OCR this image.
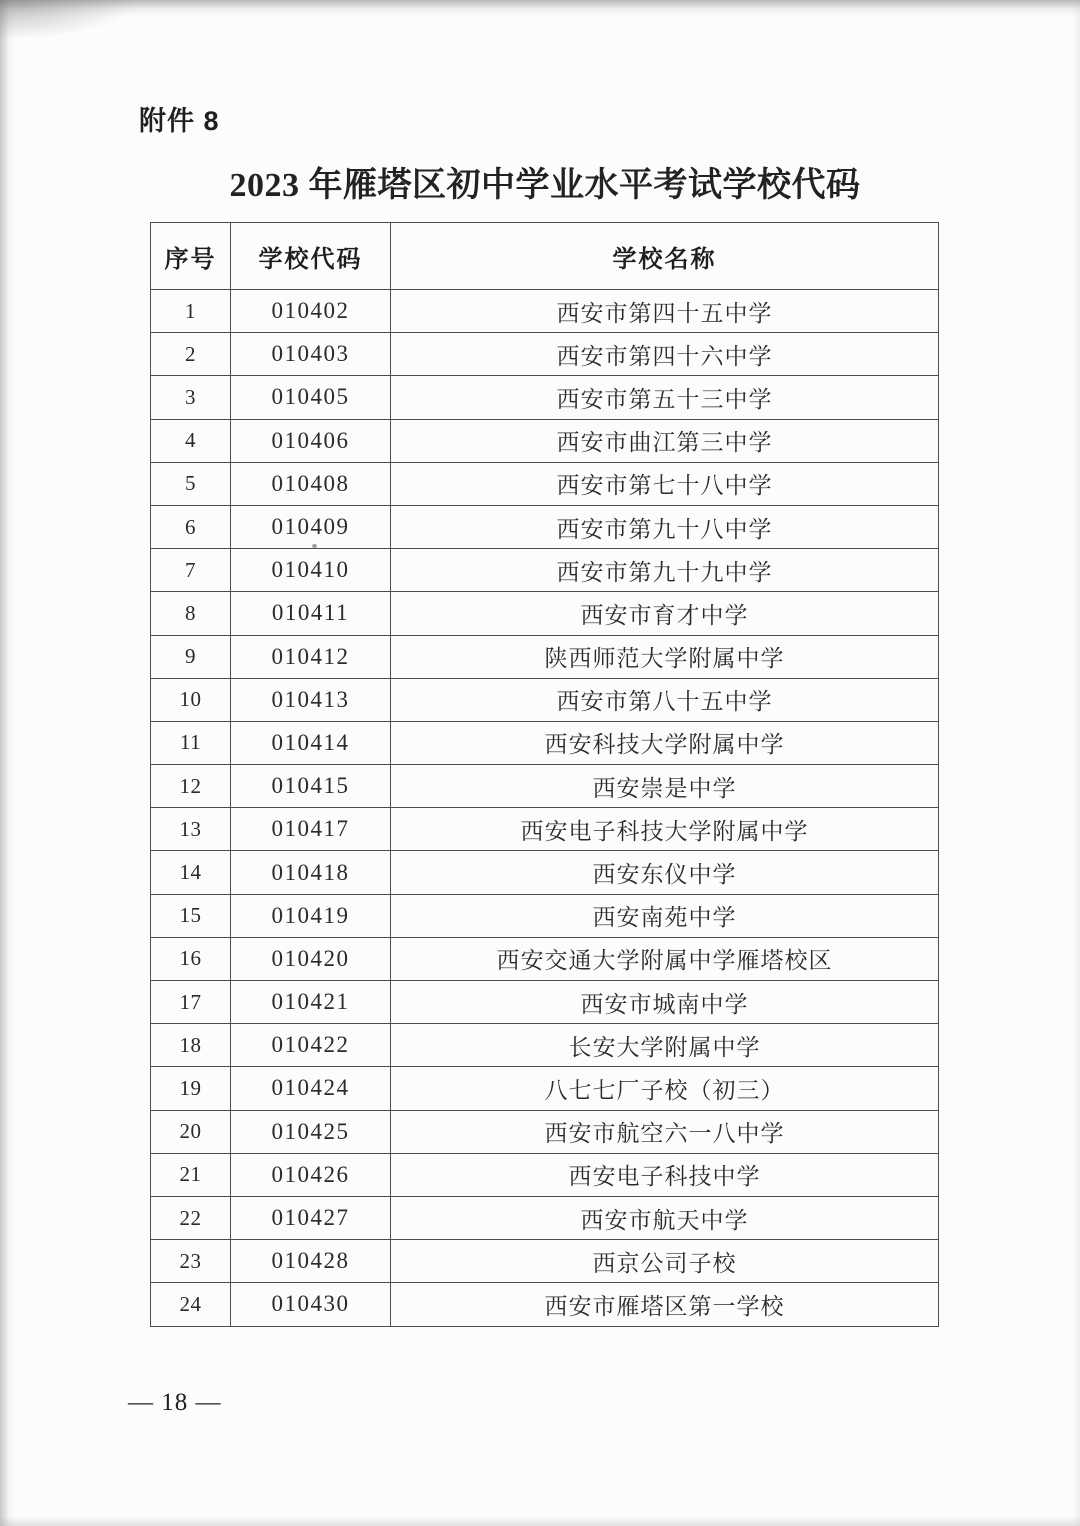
附件 8
2023 年雁塔区初中学业水平考试学校代码
序号	学校代码	学校名称
1	010402	西安市第四十五中学
2	010403	西安市第四十六中学
3	010405	西安市第五十三中学
4	010406	西安市曲江第三中学
5	010408	西安市第七十八中学
6	010409	西安市第九十八中学
7	010410	西安市第九十九中学
8	010411	西安市育才中学
9	010412	陕西师范大学附属中学
10	010413	西安市第八十五中学
11	010414	西安科技大学附属中学
12	010415	西安崇是中学
13	010417	西安电子科技大学附属中学
14	010418	西安东仪中学
15	010419	西安南苑中学
16	010420	西安交通大学附属中学雁塔校区
17	010421	西安市城南中学
18	010422	长安大学附属中学
19	010424	八七七厂子校（初三）
20	010425	西安市航空六一八中学
21	010426	西安电子科技中学
22	010427	西安市航天中学
23	010428	西京公司子校
24	010430	西安市雁塔区第一学校
— 18 —
